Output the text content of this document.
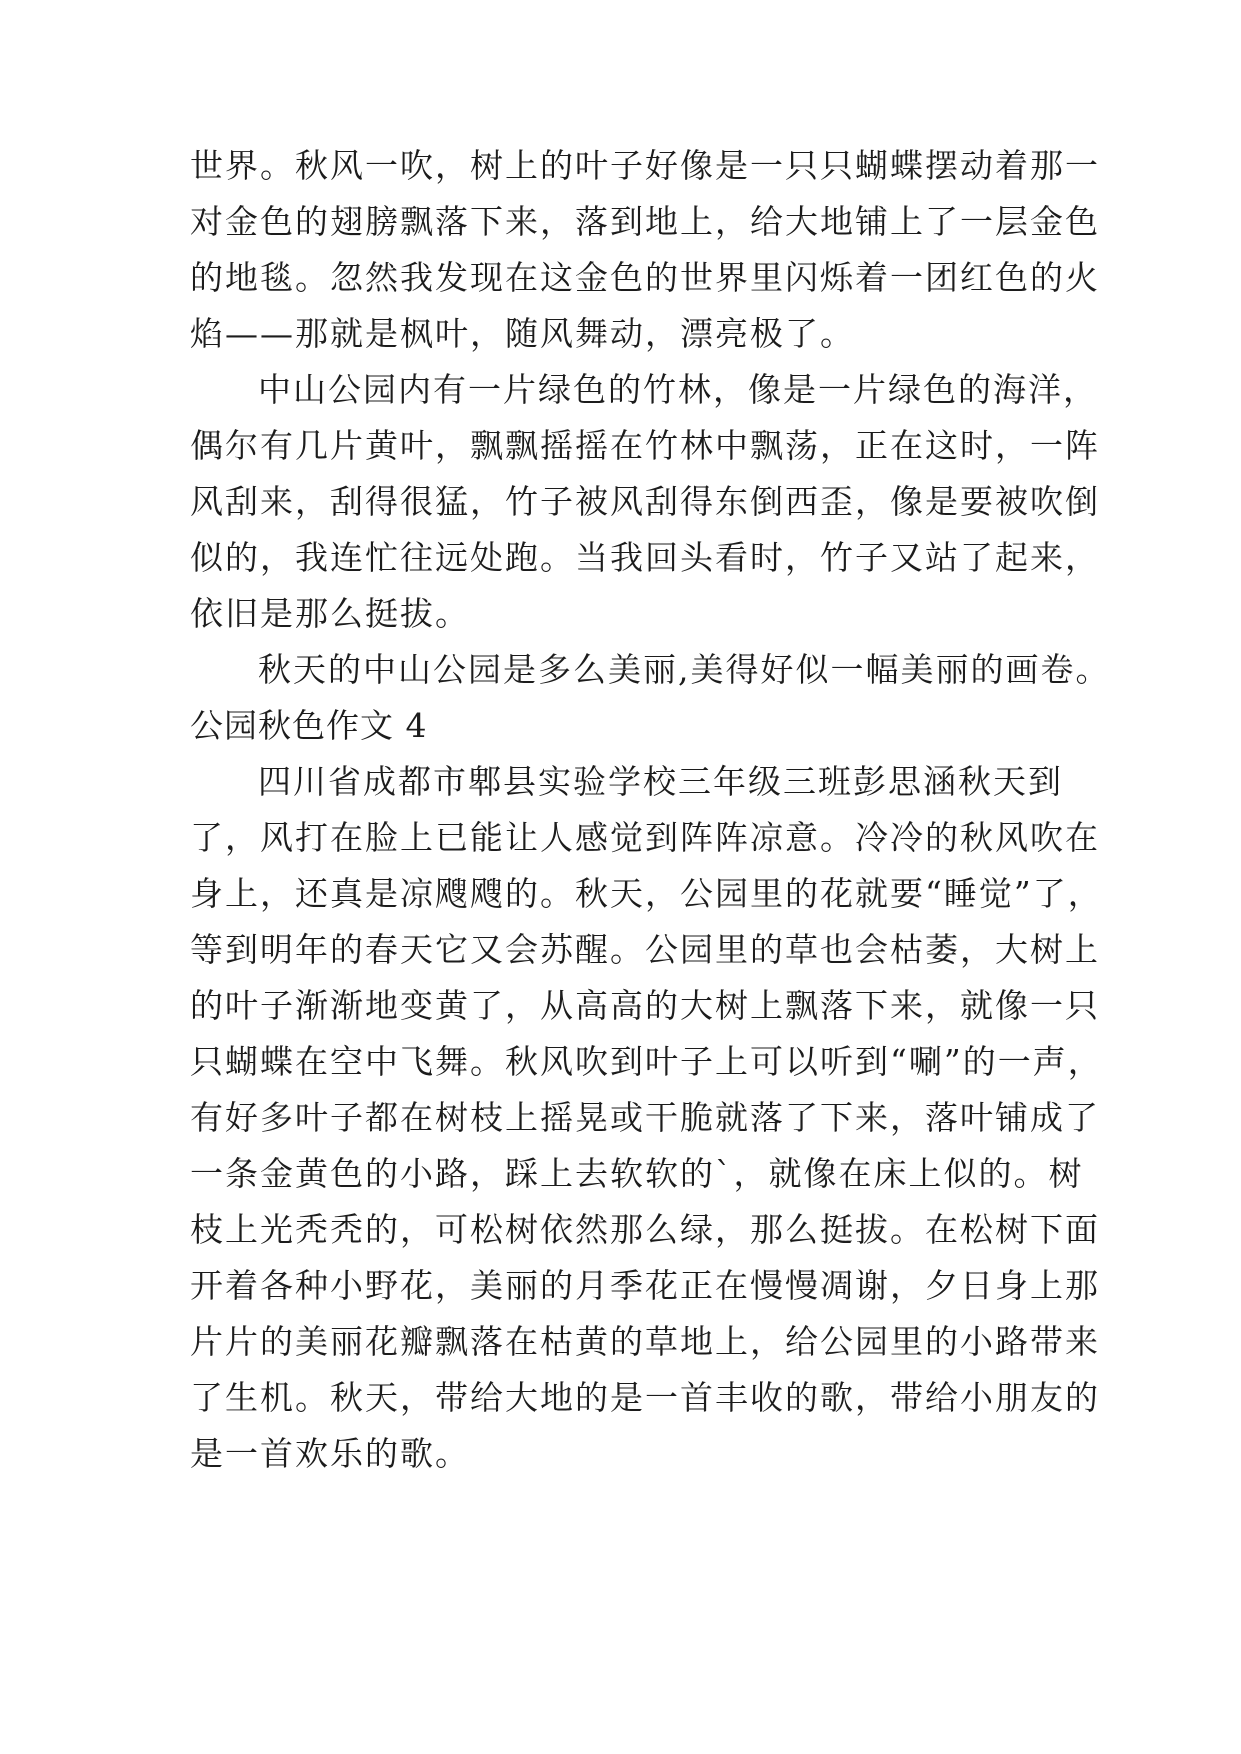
世界。秋风一吹，树上的叶子好像是一只只蝴蝶摆动着那一
对金色的翅膀飘落下来，落到地上，给大地铺上了一层金色
的地毯。忽然我发现在这金色的世界里闪烁着一团红色的火
焰——那就是枫叶，随风舞动，漂亮极了。
中山公园内有一片绿色的竹林，像是一片绿色的海洋，
偶尔有几片黄叶，飘飘摇摇在竹林中飘荡，正在这时，一阵
风刮来，刮得很猛，竹子被风刮得东倒西歪，像是要被吹倒
似的，我连忙往远处跑。当我回头看时，竹子又站了起来，
依旧是那么挺拔。
秋天的中山公园是多么美丽,美得好似一幅美丽的画卷。
公园秋色作文 4
四川省成都市郫县实验学校三年级三班彭思涵秋天到
了，风打在脸上已能让人感觉到阵阵凉意。冷冷的秋风吹在
身上，还真是凉飕飕的。秋天，公园里的花就要“睡觉”了，
等到明年的春天它又会苏醒。公园里的草也会枯萎，大树上
的叶子渐渐地变黄了，从高高的大树上飘落下来，就像一只
只蝴蝶在空中飞舞。秋风吹到叶子上可以听到“唰”的一声，
有好多叶子都在树枝上摇晃或干脆就落了下来，落叶铺成了
一条金黄色的小路，踩上去软软的`，就像在床上似的。树
枝上光秃秃的，可松树依然那么绿，那么挺拔。在松树下面
开着各种小野花，美丽的月季花正在慢慢凋谢，夕日身上那
片片的美丽花瓣飘落在枯黄的草地上，给公园里的小路带来
了生机。秋天，带给大地的是一首丰收的歌，带给小朋友的
是一首欢乐的歌。
